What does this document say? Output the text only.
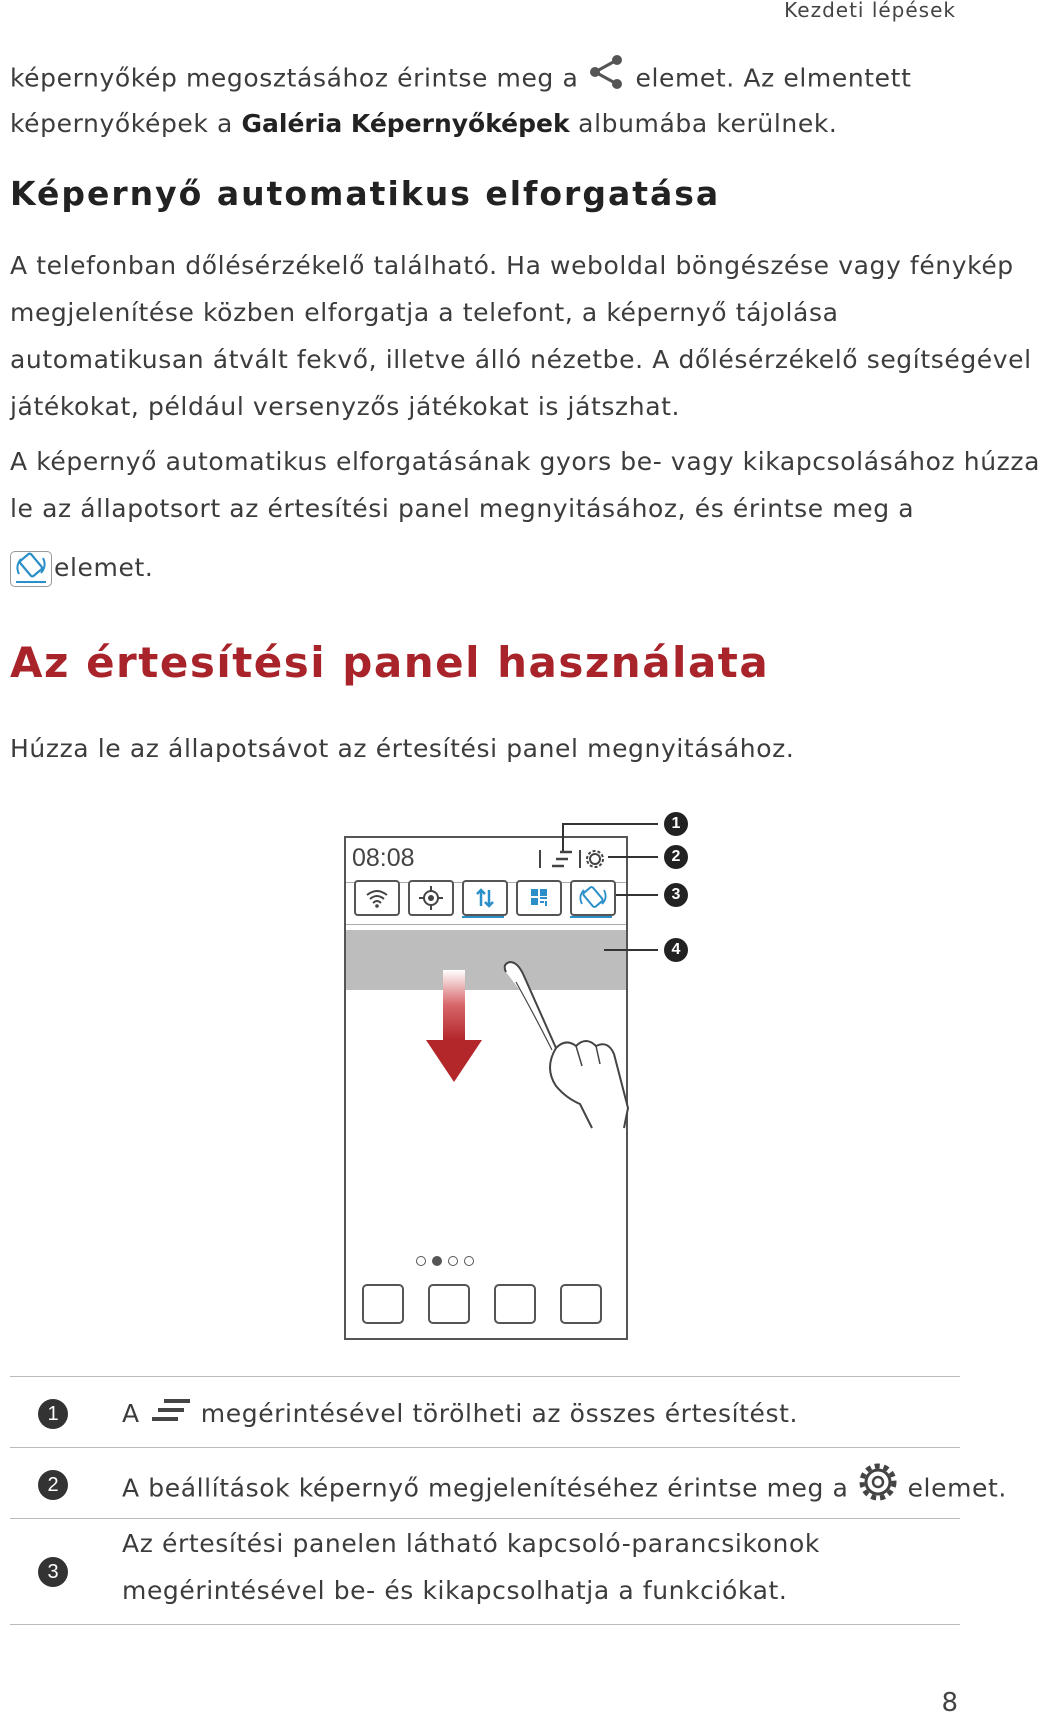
Kezdeti lépések
képernyőkép megosztásához érintse meg a elemet. Az elmentett
képernyőképek a Galéria Képernyőképek albumába kerülnek.
Képernyő automatikus elforgatása
A telefonban dőlésérzékelő található. Ha weboldal böngészése vagy fénykép
megjelenítése közben elforgatja a telefont, a képernyő tájolása
automatikusan átvált fekvő, illetve álló nézetbe. A dőlésérzékelő segítségével
játékokat, például versenyzős játékokat is játszhat.
A képernyő automatikus elforgatásának gyors be- vagy kikapcsolásához húzza
le az állapotsort az értesítési panel megnyitásához, és érintse meg a
elemet.
Az értesítési panel használata
Húzza le az állapotsávot az értesítési panel megnyitásához.
08:08
1
2
3
4
1	A megérintésével törölheti az összes értesítést.
2	A beállítások képernyő megjelenítéséhez érintse meg a elemet.
3
Az értesítési panelen látható kapcsoló-parancsikonok
megérintésével be- és kikapcsolhatja a funkciókat.
8
